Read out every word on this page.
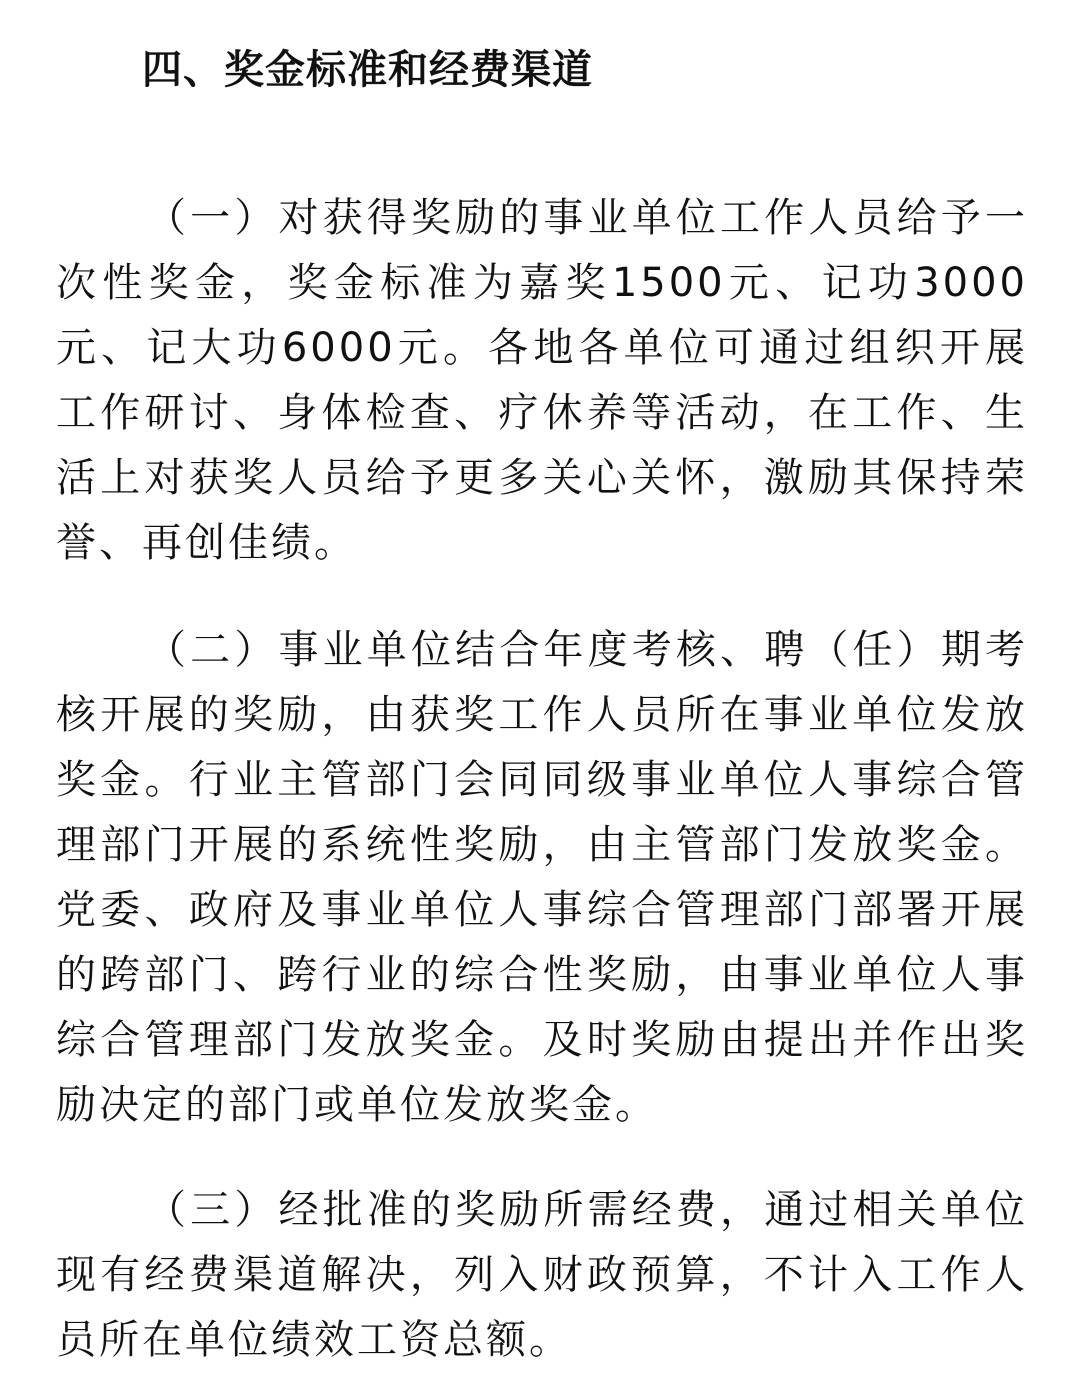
四、奖金标准和经费渠道

（一）对获得奖励的事业单位工作人员给予一次性奖金，奖金标准为嘉奖1500元、记功3000元、记大功6000元。各地各单位可通过组织开展工作研讨、身体检查、疗休养等活动，在工作、生活上对获奖人员给予更多关心关怀，激励其保持荣誉、再创佳绩。

（二）事业单位结合年度考核、聘（任）期考核开展的奖励，由获奖工作人员所在事业单位发放奖金。行业主管部门会同同级事业单位人事综合管理部门开展的系统性奖励，由主管部门发放奖金。党委、政府及事业单位人事综合管理部门部署开展的跨部门、跨行业的综合性奖励，由事业单位人事综合管理部门发放奖金。及时奖励由提出并作出奖励决定的部门或单位发放奖金。

（三）经批准的奖励所需经费，通过相关单位现有经费渠道解决，列入财政预算，不计入工作人员所在单位绩效工资总额。
